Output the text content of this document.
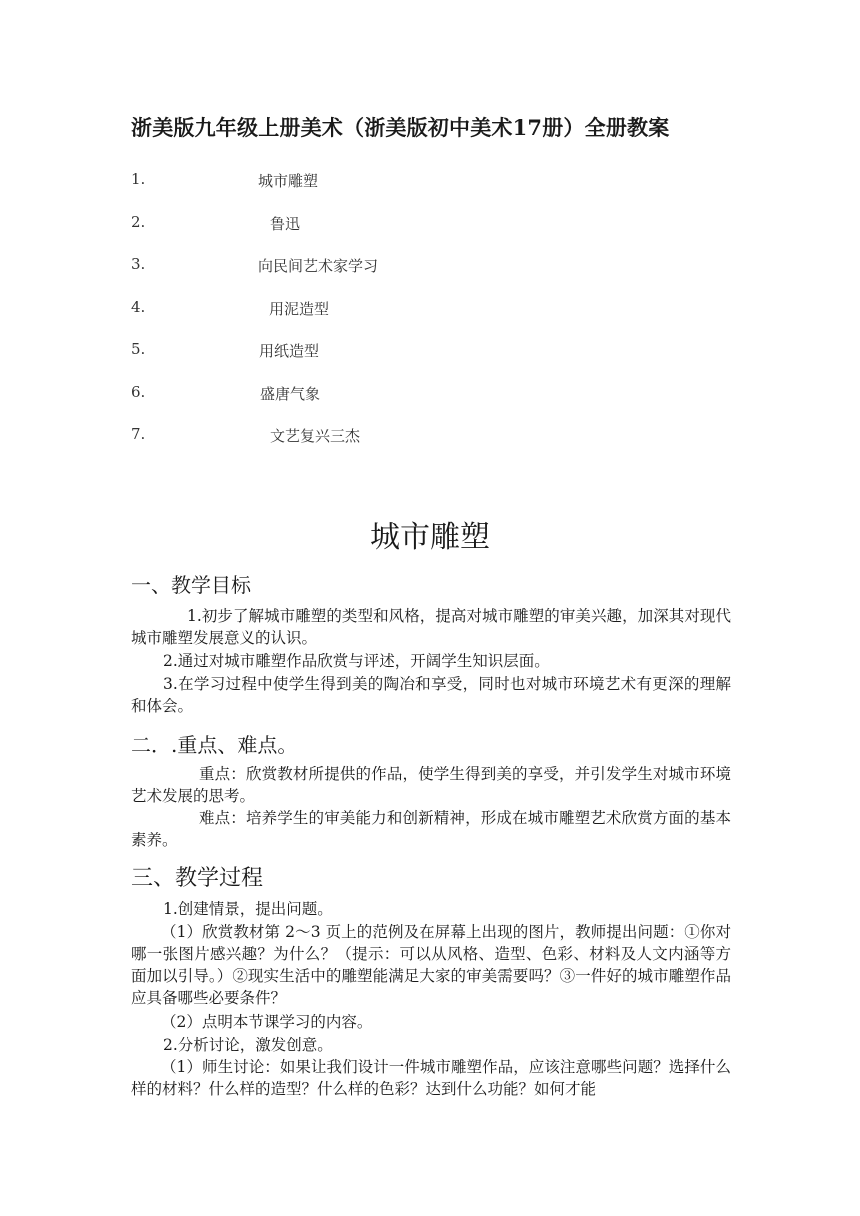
浙美版九年级上册美术（浙美版初中美术17册）全册教案
1.	城市雕塑
2.	鲁迅
3.	向民间艺术家学习
4.	用泥造型
5.	用纸造型
6.	盛唐气象
7.	文艺复兴三杰
城市雕塑
一、教学目标
1.初步了解城市雕塑的类型和风格，提高对城市雕塑的审美兴趣，加深其对现代城市雕塑发展意义的认识。
2.通过对城市雕塑作品欣赏与评述，开阔学生知识层面。
3.在学习过程中使学生得到美的陶冶和享受，同时也对城市环境艺术有更深的理解和体会。
二．.重点、难点。
重点：欣赏教材所提供的作品，使学生得到美的享受，并引发学生对城市环境艺术发展的思考。
难点：培养学生的审美能力和创新精神，形成在城市雕塑艺术欣赏方面的基本素养。
三、教学过程
1.创建情景，提出问题。
（1）欣赏教材第 2～3 页上的范例及在屏幕上出现的图片，教师提出问题：①你对哪一张图片感兴趣？为什么？（提示：可以从风格、造型、色彩、材料及人文内涵等方面加以引导。）②现实生活中的雕塑能满足大家的审美需要吗？③一件好的城市雕塑作品应具备哪些必要条件？
（2）点明本节课学习的内容。
2.分析讨论，激发创意。
（1）师生讨论：如果让我们设计一件城市雕塑作品，应该注意哪些问题？选择什么样的材料？什么样的造型？什么样的色彩？达到什么功能？如何才能
